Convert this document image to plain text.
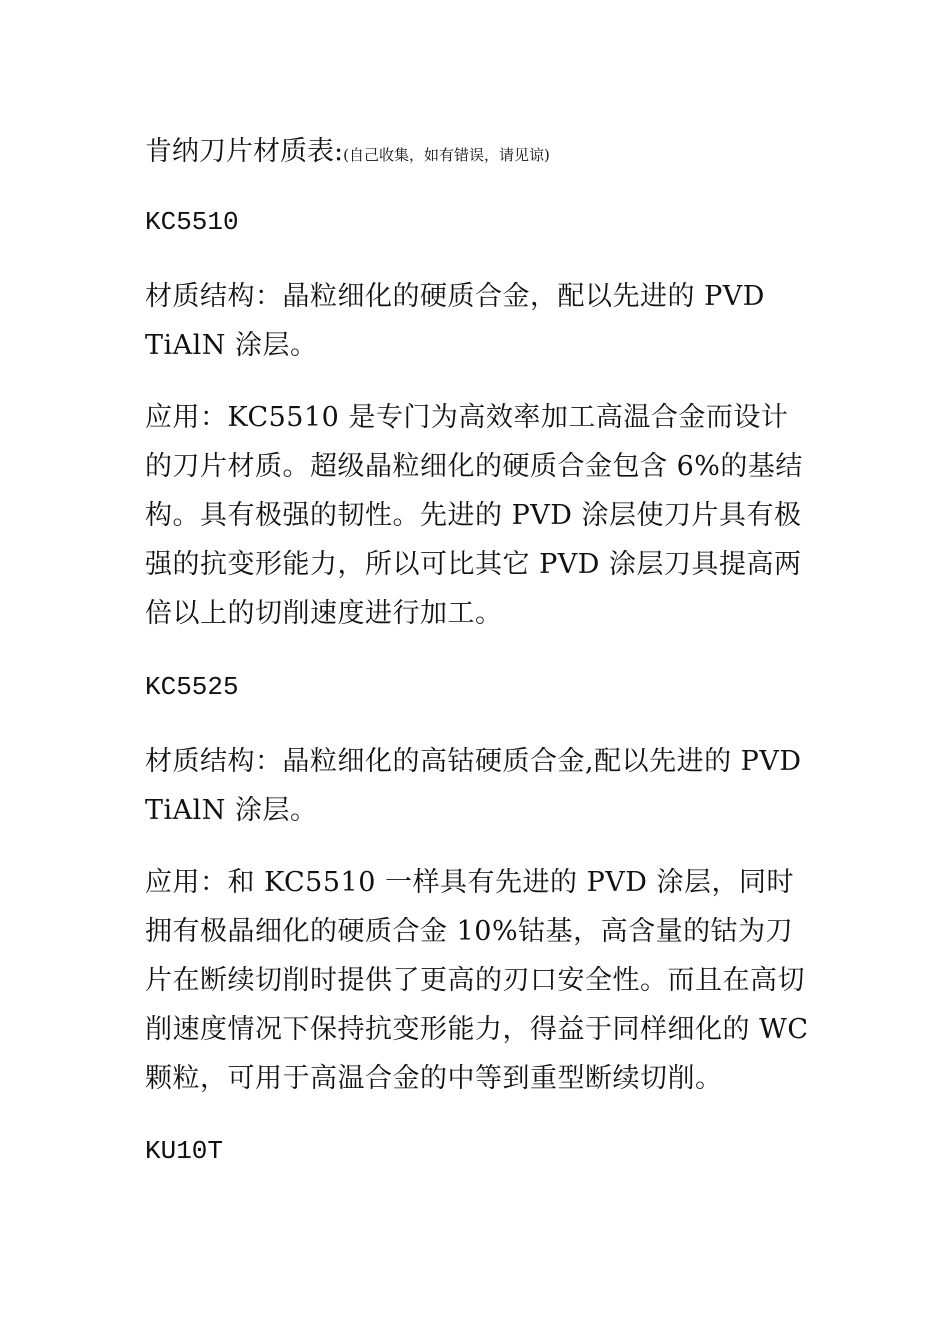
肯纳刀片材质表:(自己收集，如有错误，请见谅)
KC5510
材质结构：晶粒细化的硬质合金，配以先进的 PVD TiAlN 涂层。
应用：KC5510 是专门为高效率加工高温合金而设计的刀片材质。超级晶粒细化的硬质合金包含 6%的基结构。具有极强的韧性。先进的 PVD 涂层使刀片具有极强的抗变形能力，所以可比其它 PVD 涂层刀具提高两倍以上的切削速度进行加工。
KC5525
材质结构：晶粒细化的高钴硬质合金,配以先进的 PVD TiAlN 涂层。
应用：和 KC5510 一样具有先进的 PVD 涂层，同时拥有极晶细化的硬质合金 10%钴基，高含量的钴为刀片在断续切削时提供了更高的刃口安全性。而且在高切削速度情况下保持抗变形能力，得益于同样细化的 WC 颗粒，可用于高温合金的中等到重型断续切削。
KU10T
